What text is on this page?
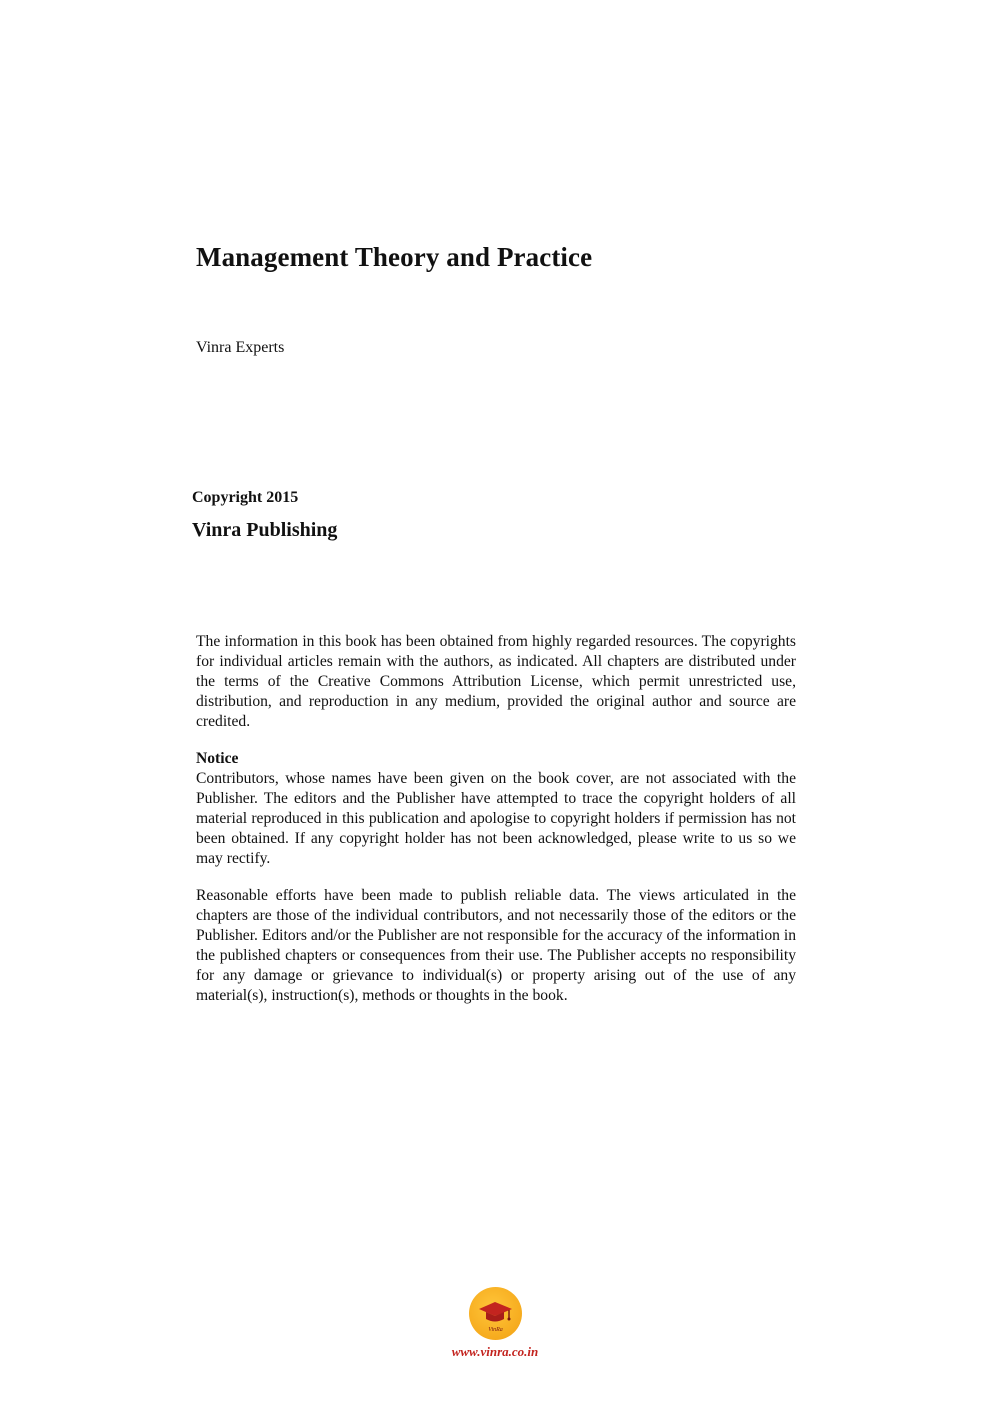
Management Theory and Practice
Vinra Experts
Copyright 2015
Vinra Publishing

The information in this book has been obtained from highly regarded resources. The copyrights for individual articles remain with the authors, as indicated. All chapters are distributed under the terms of the Creative Commons Attribution License, which permit unrestricted use, distribution, and reproduction in any medium, provided the original author and source are credited.

Notice

Contributors, whose names have been given on the book cover, are not associated with the Publisher. The editors and the Publisher have attempted to trace the copyright holders of all material reproduced in this publication and apologise to copyright holders if permission has not been obtained. If any copyright holder has not been acknowledged, please write to us so we may rectify.

Reasonable efforts have been made to publish reliable data. The views articulated in the chapters are those of the individual contributors, and not necessarily those of the editors or the Publisher. Editors and/or the Publisher are not responsible for the accuracy of the information in the published chapters or consequences from their use. The Publisher accepts no responsibility for any damage or grievance to individual(s) or property arising out of the use of any material(s), instruction(s), methods or thoughts in the book.

VinRa
www.vinra.co.in
